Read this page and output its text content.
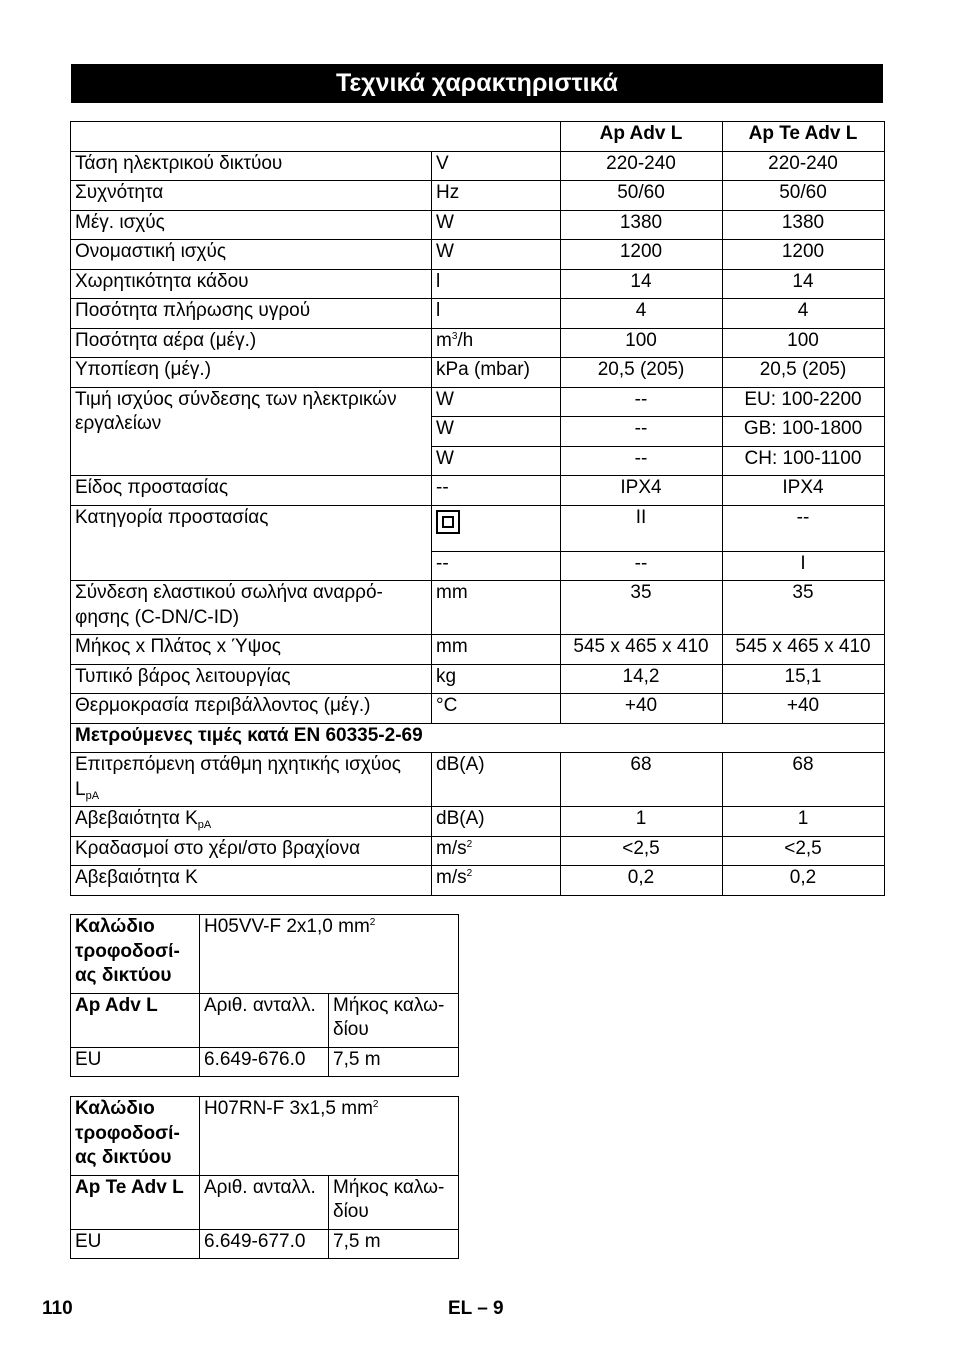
Τεχνικά χαρακτηριστικά
		Ap Adv L	Ap Te Adv L
Τάση ηλεκτρικού δικτύου	V	220-240	220-240
Συχνότητα	Hz	50/60	50/60
Μέγ. ισχύς	W	1380	1380
Ονομαστική ισχύς	W	1200	1200
Χωρητικότητα κάδου	l	14	14
Ποσότητα πλήρωσης υγρού	l	4	4
Ποσότητα αέρα (μέγ.)	$m^3/h$	100	100
Υποπίεση (μέγ.)	kPa (mbar)	20,5 (205)	20,5 (205)
Τιμή ισχύος σύνδεσης των ηλεκτρικών εργαλείων	W	--	EU: 100-2200
	W	--	GB: 100-1800
	W	--	CH: 100-1100
Είδος προστασίας	--	IPX4	IPX4
Κατηγορία προστασίας		II	--
	--	--	I
Σύνδεση ελαστικού σωλήνα αναρρό-φησης (C-DN/C-ID)	mm	35	35
Μήκος x Πλάτος x Ύψος	mm	545 x 465 x 410	545 x 465 x 410
Τυπικό βάρος λειτουργίας	kg	14,2	15,1
Θερμοκρασία περιβάλλοντος (μέγ.)	°C	+40	+40
Μετρούμενες τιμές κατά EN 60335-2-69			
Επιτρεπόμενη στάθμη ηχητικής ισχύος $L_{pA}$	dB(A)	68	68
Αβεβαιότητα $K_{pA}$	dB(A)	1	1
Κραδασμοί στο χέρι/στο βραχίονα	$m/s^2$	<2,5	<2,5
Αβεβαιότητα K	$m/s^2$	0,2	0,2
Καλώδιο τροφοδοσί-ας δικτύου	H05VV-F 2x1,0 $mm^2$
Ap Adv L	Αριθ. ανταλλ.	Μήκος καλω-δίου
EU	6.649-676.0	7,5 m
Καλώδιο τροφοδοσί-ας δικτύου	H07RN-F 3x1,5 $mm^2$
Ap Te Adv L	Αριθ. ανταλλ.	Μήκος καλω-δίου
EU	6.649-677.0	7,5 m
110	EL – 9
